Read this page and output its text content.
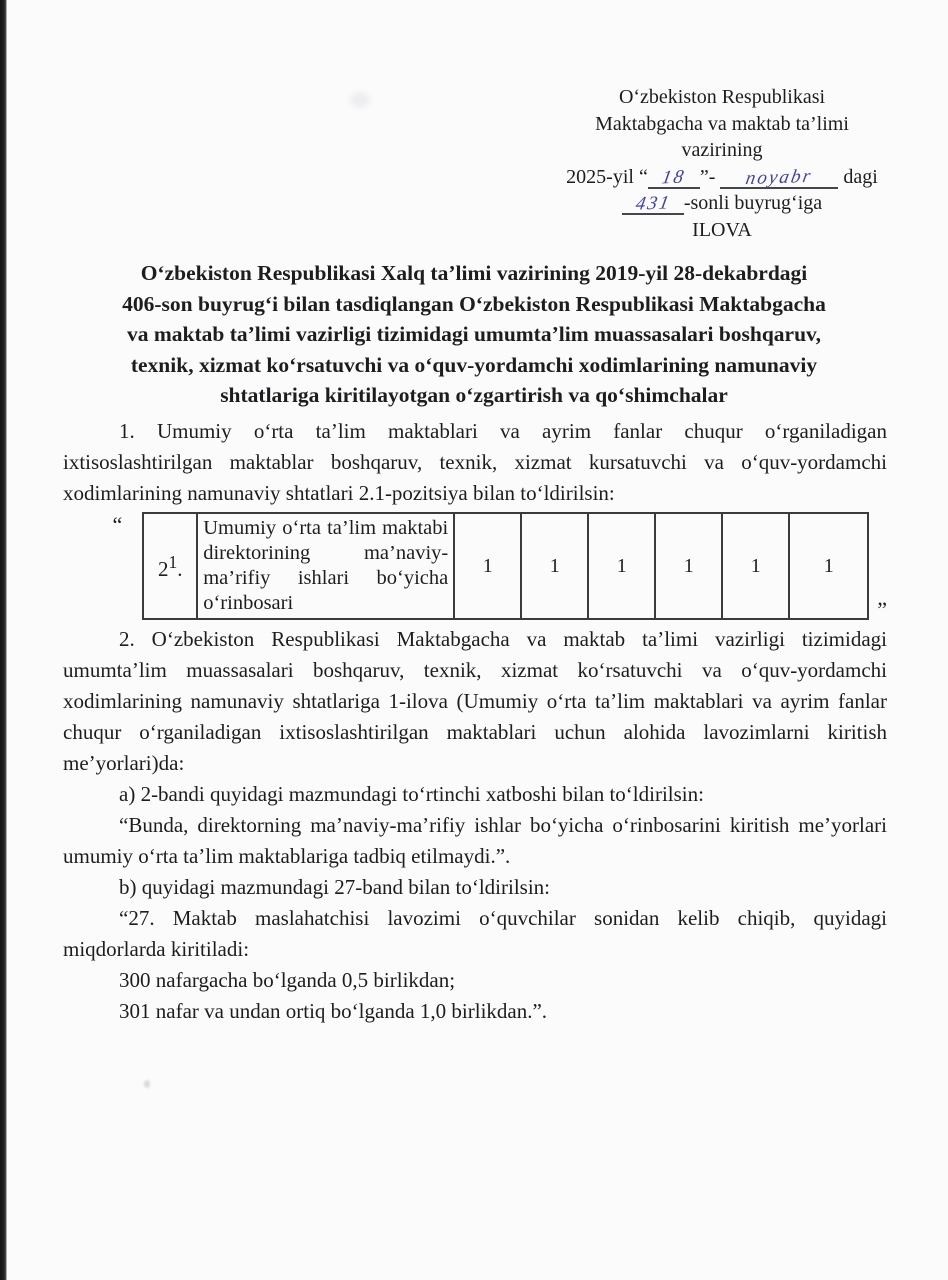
O‘zbekiston Respublikasi
Maktabgacha va maktab ta’limi
vazirining
2025-yil “ 18 ”- noyabr dagi
431 -sonli buyrug‘iga
ILOVA
O‘zbekiston Respublikasi Xalq ta’limi vazirining 2019-yil 28-dekabrdagi
406-son buyrug‘i bilan tasdiqlangan O‘zbekiston Respublikasi Maktabgacha
va maktab ta’limi vazirligi tizimidagi umumta’lim muassasalari boshqaruv,
texnik, xizmat ko‘rsatuvchi va o‘quv-yordamchi xodimlarining namunaviy
shtatlariga kiritilayotgan o‘zgartirish va qo‘shimchalar

1. Umumiy o‘rta ta’lim maktablari va ayrim fanlar chuqur o‘rganiladigan ixtisoslashtirilgan maktablar boshqaruv, texnik, xizmat kursatuvchi va o‘quv-yordamchi xodimlarining namunaviy shtatlari 2.1-pozitsiya bilan to‘ldirilsin:

“
$2^1$.	Umumiy o‘rta ta’lim maktabi direktorining ma’naviy-ma’rifiy ishlari bo‘yicha o‘rinbosari	1	1	1	1	1	1
”

2. O‘zbekiston Respublikasi Maktabgacha va maktab ta’limi vazirligi tizimidagi umumta’lim muassasalari boshqaruv, texnik, xizmat ko‘rsatuvchi va o‘quv-yordamchi xodimlarining namunaviy shtatlariga 1-ilova (Umumiy o‘rta ta’lim maktablari va ayrim fanlar chuqur o‘rganiladigan ixtisoslashtirilgan maktablari uchun alohida lavozimlarni kiritish me’yorlari)da:

a) 2-bandi quyidagi mazmundagi to‘rtinchi xatboshi bilan to‘ldirilsin:

“Bunda, direktorning ma’naviy-ma’rifiy ishlar bo‘yicha o‘rinbosarini kiritish me’yorlari umumiy o‘rta ta’lim maktablariga tadbiq etilmaydi.”.

b) quyidagi mazmundagi 27-band bilan to‘ldirilsin:

“27. Maktab maslahatchisi lavozimi o‘quvchilar sonidan kelib chiqib, quyidagi miqdorlarda kiritiladi:

300 nafargacha bo‘lganda 0,5 birlikdan;

301 nafar va undan ortiq bo‘lganda 1,0 birlikdan.”.
